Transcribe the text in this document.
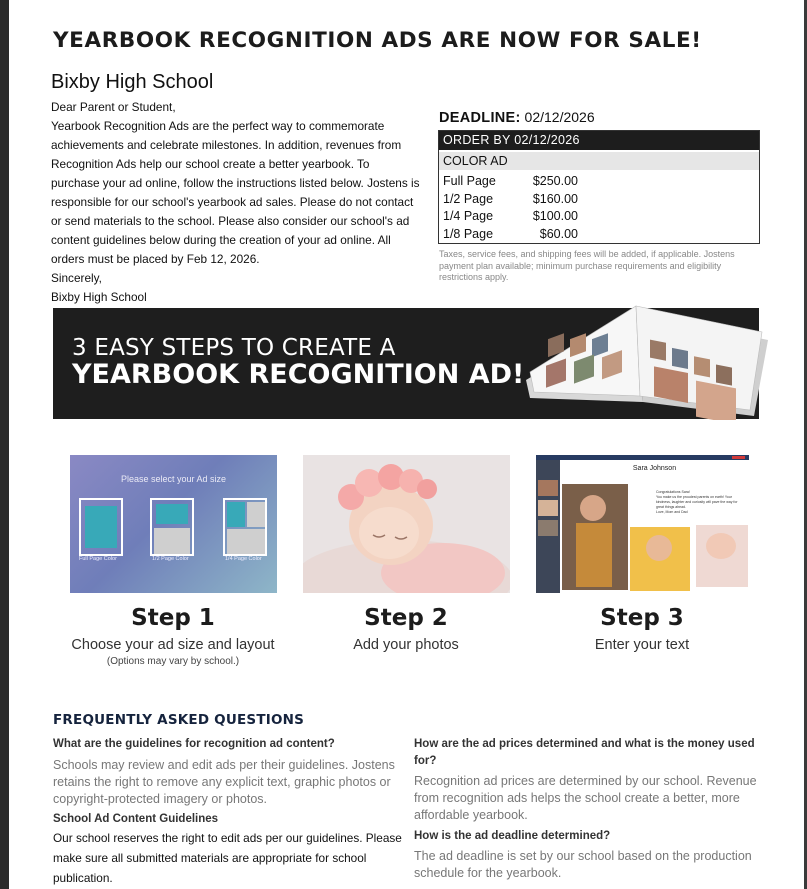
YEARBOOK RECOGNITION ADS ARE NOW FOR SALE!
Bixby High School

Dear Parent or Student,

Yearbook Recognition Ads are the perfect way to commemorate achievements and celebrate milestones. In addition, revenues from Recognition Ads help our school create a better yearbook. To purchase your ad online, follow the instructions listed below. Jostens is responsible for our school's yearbook ad sales. Please do not contact or send materials to the school. Please also consider our school's ad content guidelines below during the creation of your ad online. All orders must be placed by Feb 12, 2026.

Sincerely,

Bixby High School

DEADLINE: 02/12/2026
ORDER BY 02/12/2026
COLOR AD
Full Page	$250.00
1/2 Page	$160.00
1/4 Page	$100.00
1/8 Page	$60.00
Taxes, service fees, and shipping fees will be added, if applicable. Jostens payment plan available; minimum purchase requirements and eligibility restrictions apply.
3 EASY STEPS TO CREATE A
YEARBOOK RECOGNITION AD!
Please select your Ad size
Full Page Color	1/2 Page Color	1/4 Page Color
Sara Johnson
Congratulations Sara!
You make us the proudest parents on earth! Your kindness, laughter and curiosity will pave the way for great things ahead.
Love, Mom and Dad
Step 1
Choose your ad size and layout
(Options may vary by school.)
Step 2
Add your photos
Step 3
Enter your text
FREQUENTLY ASKED QUESTIONS
What are the guidelines for recognition ad content?
Schools may review and edit ads per their guidelines. Jostens retains the right to remove any explicit text, graphic photos or copyright-protected imagery or photos.
School Ad Content Guidelines
Our school reserves the right to edit ads per our guidelines. Please make sure all submitted materials are appropriate for school publication.
How are the ad prices determined and what is the money used for?
Recognition ad prices are determined by our school. Revenue from recognition ads helps the school create a better, more affordable yearbook.
How is the ad deadline determined?
The ad deadline is set by our school based on the production schedule for the yearbook.
